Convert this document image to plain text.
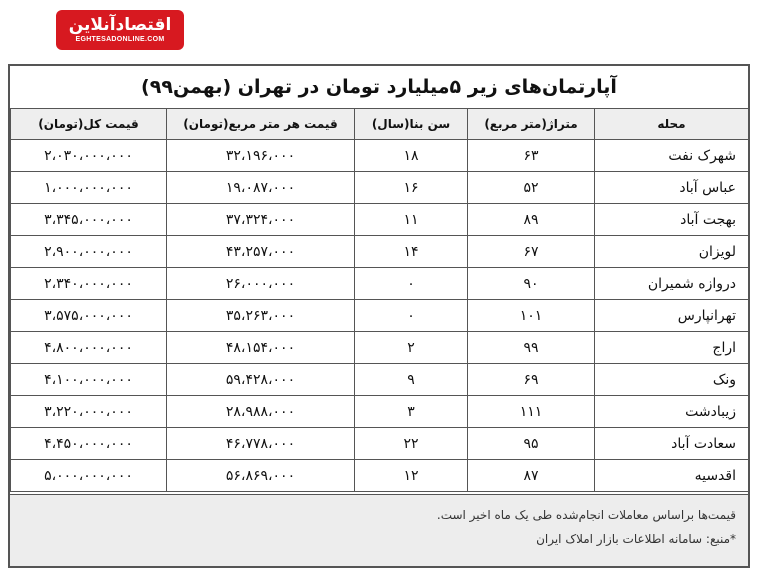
اقتصادآنلاین
EGHTESADONLINE.COM
آپارتمان‌های زیر ۵میلیارد تومان در تهران (بهمن۹۹)
محله	متراژ(متر مربع)	سن بنا(سال)	قیمت هر متر مربع(تومان)	قیمت کل(تومان)
شهرک نفت	۶۳	۱۸	۳۲،۱۹۶،۰۰۰	۲،۰۳۰،۰۰۰،۰۰۰
عباس آباد	۵۲	۱۶	۱۹،۰۸۷،۰۰۰	۱،۰۰۰،۰۰۰،۰۰۰
بهجت آباد	۸۹	۱۱	۳۷،۳۲۴،۰۰۰	۳،۳۴۵،۰۰۰،۰۰۰
لویزان	۶۷	۱۴	۴۳،۲۵۷،۰۰۰	۲،۹۰۰،۰۰۰،۰۰۰
دروازه شمیران	۹۰	۰	۲۶،۰۰۰،۰۰۰	۲،۳۴۰،۰۰۰،۰۰۰
تهرانپارس	۱۰۱	۰	۳۵،۲۶۳،۰۰۰	۳،۵۷۵،۰۰۰،۰۰۰
اراج	۹۹	۲	۴۸،۱۵۴،۰۰۰	۴،۸۰۰،۰۰۰،۰۰۰
ونک	۶۹	۹	۵۹،۴۲۸،۰۰۰	۴،۱۰۰،۰۰۰،۰۰۰
زیبادشت	۱۱۱	۳	۲۸،۹۸۸،۰۰۰	۳،۲۲۰،۰۰۰،۰۰۰
سعادت آباد	۹۵	۲۲	۴۶،۷۷۸،۰۰۰	۴،۴۵۰،۰۰۰،۰۰۰
اقدسیه	۸۷	۱۲	۵۶،۸۶۹،۰۰۰	۵،۰۰۰،۰۰۰،۰۰۰

قیمت‌ها براساس معاملات انجام‌شده طی یک ماه اخیر است.

*منبع: سامانه اطلاعات بازار املاک ایران
